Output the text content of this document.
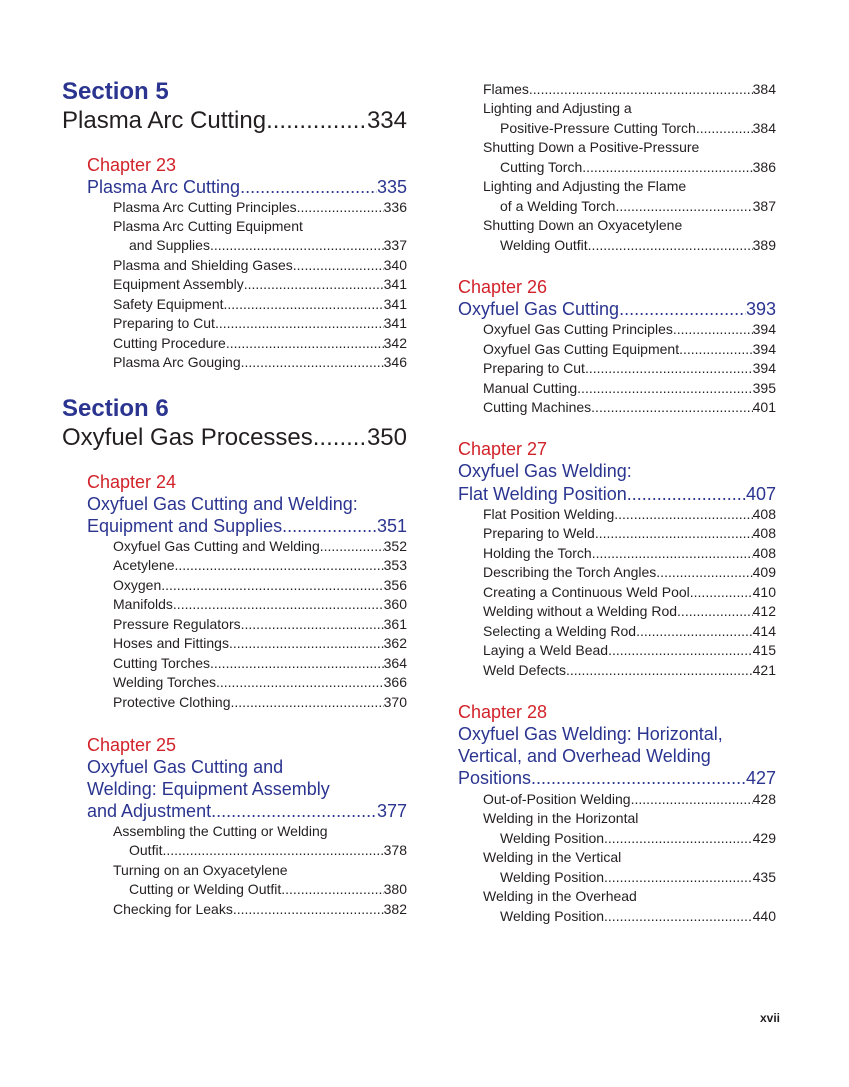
Section 5
Plasma Arc Cutting .....	334
Chapter 23
Plasma Arc Cutting .....	335
Plasma Arc Cutting Principles .....	336
Plasma Arc Cutting Equipment
and Supplies .....	337
Plasma and Shielding Gases .....	340
Equipment Assembly .....	341
Safety Equipment .....	341
Preparing to Cut .....	341
Cutting Procedure .....	342
Plasma Arc Gouging .....	346
Section 6
Oxyfuel Gas Processes ..... 350
Chapter 24
Oxyfuel Gas Cutting and Welding:
Equipment and Supplies .....	351
Oxyfuel Gas Cutting and Welding .....	352
Acetylene .....	353
Oxygen .....	356
Manifolds .....	360
Pressure Regulators .....	361
Hoses and Fittings .....	362
Cutting Torches .....	364
Welding Torches .....	366
Protective Clothing .....	370
Chapter 25
Oxyfuel Gas Cutting and
Welding: Equipment Assembly
and Adjustment .....	377
Assembling the Cutting or Welding
Outfit .....	378
Turning on an Oxyacetylene
Cutting or Welding Outfit .....	380
Checking for Leaks .....	382
Flames .....	384
Lighting and Adjusting a
Positive-Pressure Cutting Torch .....	384
Shutting Down a Positive-Pressure
Cutting Torch .....	386
Lighting and Adjusting the Flame
of a Welding Torch .....	387
Shutting Down an Oxyacetylene
Welding Outfit .....	389
Chapter 26
Oxyfuel Gas Cutting .....	393
Oxyfuel Gas Cutting Principles .....	394
Oxyfuel Gas Cutting Equipment .....	394
Preparing to Cut .....	394
Manual Cutting .....	395
Cutting Machines .....	401
Chapter 27
Oxyfuel Gas Welding:
Flat Welding Position .....	407
Flat Position Welding .....	408
Preparing to Weld .....	408
Holding the Torch .....	408
Describing the Torch Angles .....	409
Creating a Continuous Weld Pool .....	410
Welding without a Welding Rod .....	412
Selecting a Welding Rod .....	414
Laying a Weld Bead .....	415
Weld Defects .....	421
Chapter 28
Oxyfuel Gas Welding: Horizontal,
Vertical, and Overhead Welding
Positions .....	427
Out-of-Position Welding .....	428
Welding in the Horizontal
Welding Position .....	429
Welding in the Vertical
Welding Position .....	435
Welding in the Overhead
Welding Position .....	440
xvii
